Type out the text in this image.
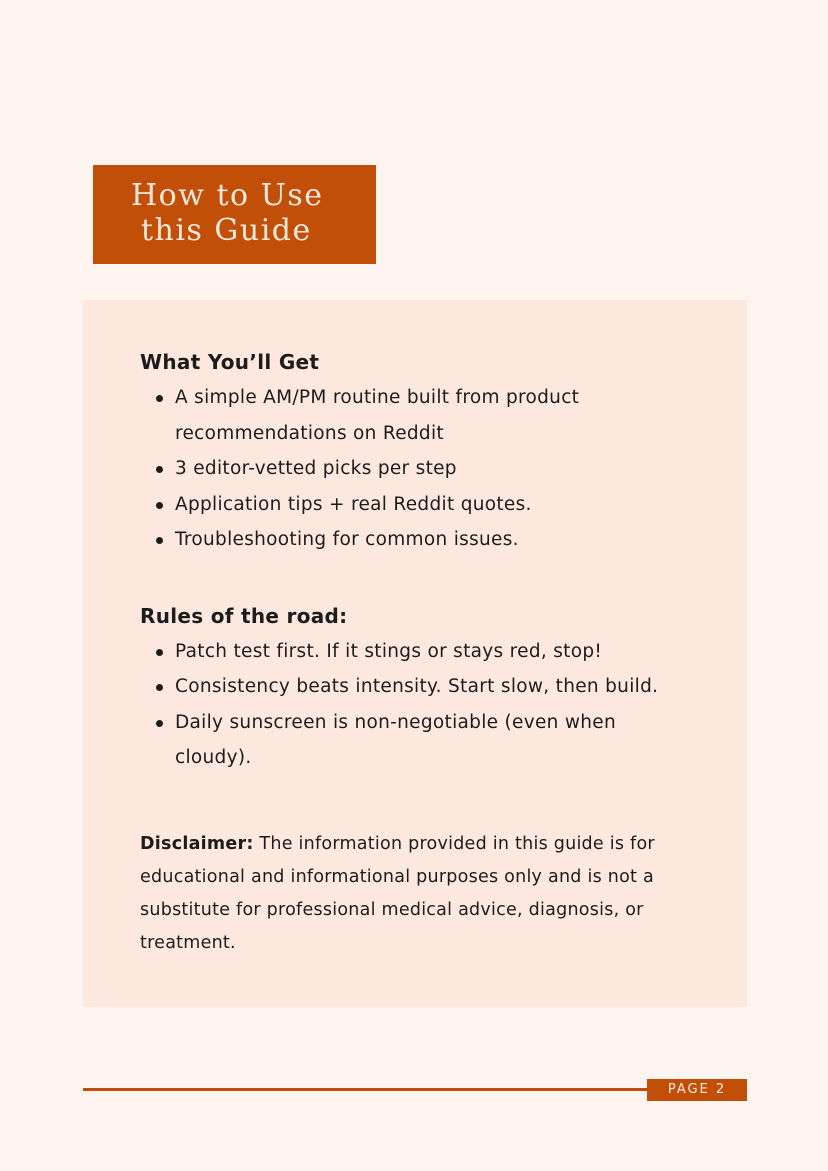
How to Use
this Guide
What You’ll Get
A simple AM/PM routine built from product recommendations on Reddit
3 editor-vetted picks per step
Application tips + real Reddit quotes.
Troubleshooting for common issues.
Rules of the road:
Patch test first. If it stings or stays red, stop!
Consistency beats intensity. Start slow, then build.
Daily sunscreen is non-negotiable (even when cloudy).

Disclaimer: The information provided in this guide is for educational and informational purposes only and is not a substitute for professional medical advice, diagnosis, or treatment.

PAGE 2
